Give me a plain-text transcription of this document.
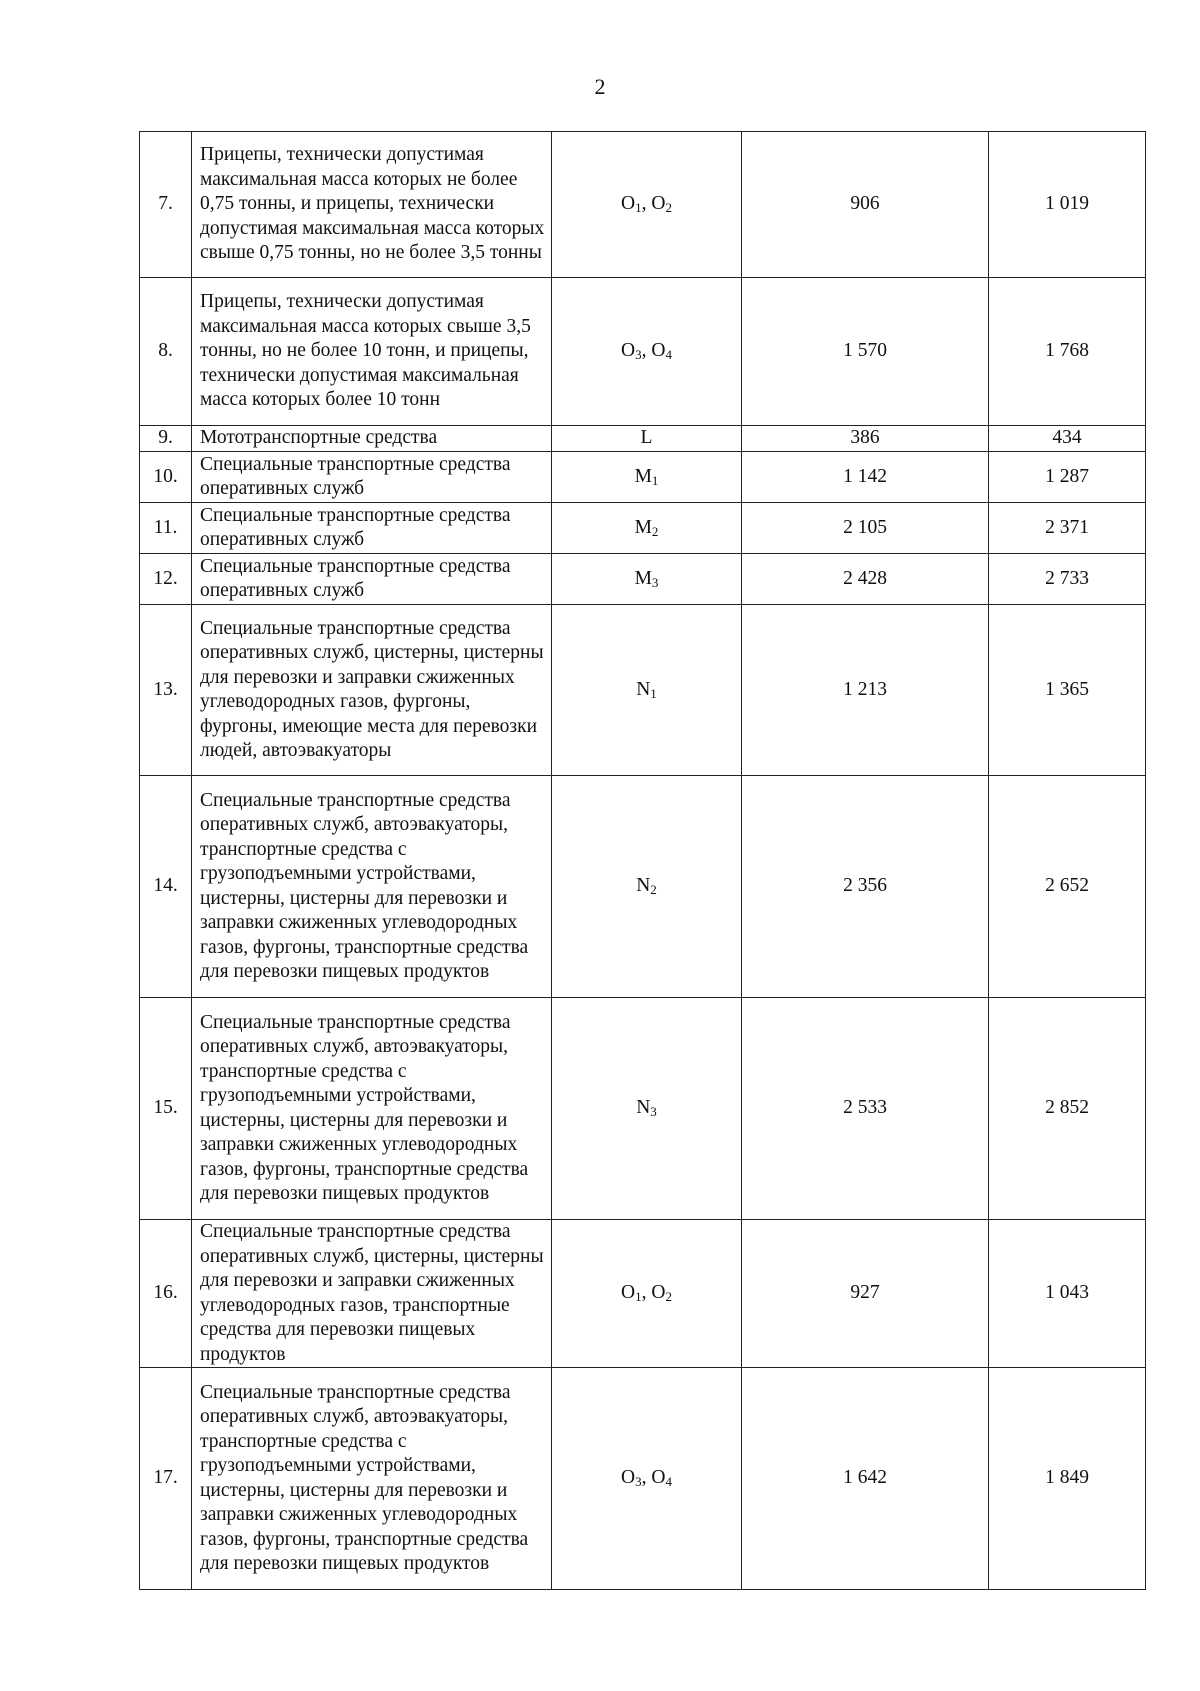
2
7.	Прицепы, технически допустимая максимальная масса которых не более 0,75 тонны, и прицепы, технически допустимая максимальная масса которых свыше 0,75 тонны, но не более 3,5 тонны	$O_1$, $O_2$	906	1 019
8.	Прицепы, технически допустимая максимальная масса которых свыше 3,5 тонны, но не более 10 тонн, и прицепы, технически допустимая максимальная масса которых более 10 тонн	$O_3$, $O_4$	1 570	1 768
9.	Мототранспортные средства	L	386	434
10.	Специальные транспортные средства оперативных служб	$M_1$	1 142	1 287
11.	Специальные транспортные средства оперативных служб	$M_2$	2 105	2 371
12.	Специальные транспортные средства оперативных служб	$M_3$	2 428	2 733
13.	Специальные транспортные средства оперативных служб, цистерны, цистерны для перевозки и заправки сжиженных углеводородных газов, фургоны, фургоны, имеющие места для перевозки людей, автоэвакуаторы	$N_1$	1 213	1 365
14.	Специальные транспортные средства оперативных служб, автоэвакуаторы, транспортные средства с грузоподъемными устройствами, цистерны, цистерны для перевозки и заправки сжиженных углеводородных газов, фургоны, транспортные средства для перевозки пищевых продуктов	$N_2$	2 356	2 652
15.	Специальные транспортные средства оперативных служб, автоэвакуаторы, транспортные средства с грузоподъемными устройствами, цистерны, цистерны для перевозки и заправки сжиженных углеводородных газов, фургоны, транспортные средства для перевозки пищевых продуктов	$N_3$	2 533	2 852
16.	Специальные транспортные средства оперативных служб, цистерны, цистерны для перевозки и заправки сжиженных углеводородных газов, транспортные средства для перевозки пищевых продуктов	$O_1$, $O_2$	927	1 043
17.	Специальные транспортные средства оперативных служб, автоэвакуаторы, транспортные средства с грузоподъемными устройствами, цистерны, цистерны для перевозки и заправки сжиженных углеводородных газов, фургоны, транспортные средства для перевозки пищевых продуктов	$O_3$, $O_4$	1 642	1 849
